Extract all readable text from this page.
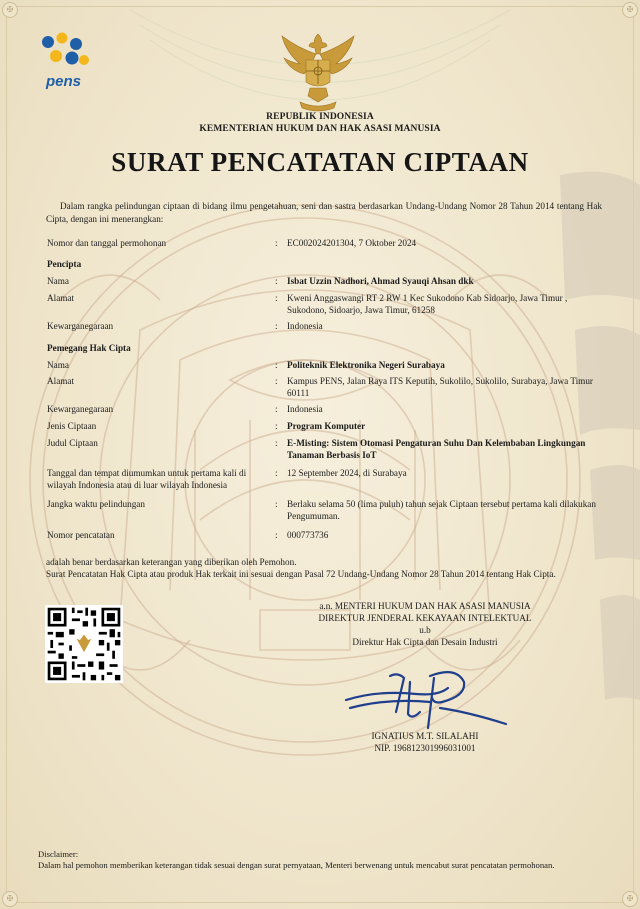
✠	✠
✠	✠
pens
REPUBLIK INDONESIA
KEMENTERIAN HUKUM DAN HAK ASASI MANUSIA
SURAT PENCATATAN CIPTAAN
Dalam rangka pelindungan ciptaan di bidang ilmu pengetahuan, seni dan sastra berdasarkan Undang-Undang Nomor 28 Tahun 2014 tentang Hak Cipta, dengan ini menerangkan:
Nomor dan tanggal permohonan	: EC002024201304, 7 Oktober 2024
Pencipta
Nama	: Isbat Uzzin Nadhori, Ahmad Syauqi Ahsan dkk
Alamat	: Kweni Anggaswangi RT 2 RW 1 Kec Sukodono Kab Sidoarjo, Jawa Timur , Sukodono, Sidoarjo, Jawa Timur, 61258
Kewarganegaraan	: Indonesia
Pemegang Hak Cipta
Nama	: Politeknik Elektronika Negeri Surabaya
Alamat	: Kampus PENS, Jalan Raya ITS Keputih, Sukolilo, Sukolilo, Surabaya, Jawa Timur 60111
Kewarganegaraan	: Indonesia
Jenis Ciptaan	: Program Komputer
Judul Ciptaan	: E-Misting: Sistem Otomasi Pengaturan Suhu Dan Kelembaban Lingkungan Tanaman Berbasis IoT
Tanggal dan tempat diumumkan untuk pertama kali di wilayah Indonesia atau di luar wilayah Indonesia
: 12 September 2024, di Surabaya
Jangka waktu pelindungan	: Berlaku selama 50 (lima puluh) tahun sejak Ciptaan tersebut pertama kali dilakukan Pengumuman.
Nomor pencatatan	: 000773736
adalah benar berdasarkan keterangan yang diberikan oleh Pemohon.
Surat Pencatatan Hak Cipta atau produk Hak terkait ini sesuai dengan Pasal 72 Undang-Undang Nomor 28 Tahun 2014 tentang Hak Cipta.
a.n. MENTERI HUKUM DAN HAK ASASI MANUSIA
DIREKTUR JENDERAL KEKAYAAN INTELEKTUAL
u.b
Direktur Hak Cipta dan Desain Industri
IGNATIUS M.T. SILALAHI
NIP. 196812301996031001
Disclaimer:
Dalam hal pemohon memberikan keterangan tidak sesuai dengan surat pernyataan, Menteri berwenang untuk mencabut surat pencatatan permohonan.
